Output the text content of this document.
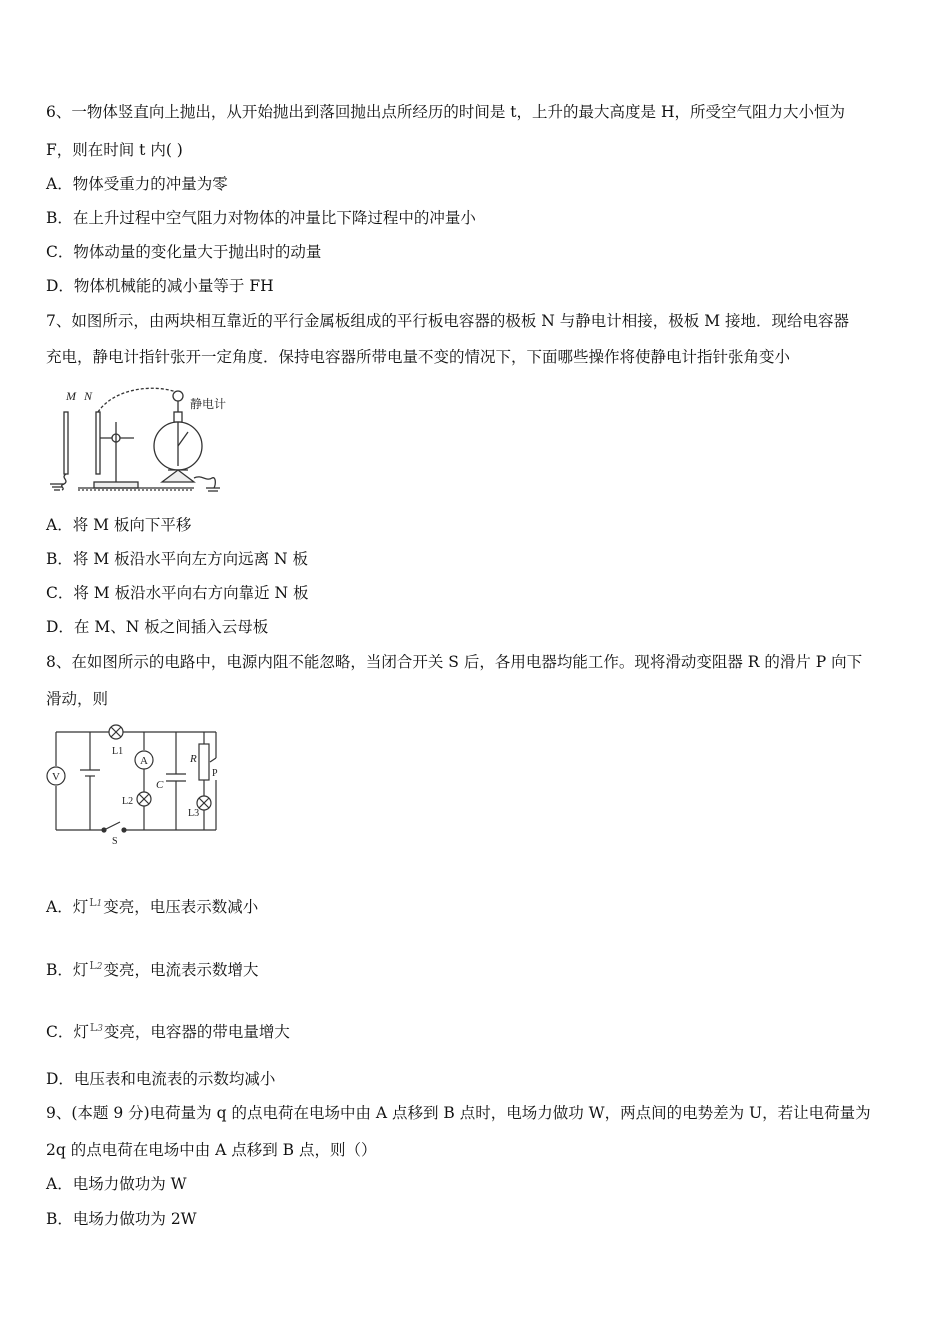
6、一物体竖直向上抛出，从开始抛出到落回抛出点所经历的时间是 t，上升的最大高度是 H，所受空气阻力大小恒为
F，则在时间 t 内( )
A．物体受重力的冲量为零
B．在上升过程中空气阻力对物体的冲量比下降过程中的冲量小
C．物体动量的变化量大于抛出时的动量
D．物体机械能的减小量等于 FH
7、如图所示，由两块相互靠近的平行金属板组成的平行板电容器的极板 N 与静电计相接，极板 M 接地．现给电容器
充电，静电计指针张开一定角度．保持电容器所带电量不变的情况下，下面哪些操作将使静电计指针张角变小
M N
静电计
A．将 M 板向下平移
B．将 M 板沿水平向左方向远离 N 板
C．将 M 板沿水平向右方向靠近 N 板
D．在 M、N 板之间插入云母板
8、在如图所示的电路中，电源内阻不能忽略，当闭合开关 S 后，各用电器均能工作。现将滑动变阻器 R 的滑片 P 向下
滑动，则
V
A
L1
L2
L3
C
R
P
S
A．灯L1变亮，电压表示数减小
B．灯L2变亮，电流表示数增大
C．灯L3变亮，电容器的带电量增大
D．电压表和电流表的示数均减小
9、(本题 9 分)电荷量为 q 的点电荷在电场中由 A 点移到 B 点时，电场力做功 W，两点间的电势差为 U，若让电荷量为
2q 的点电荷在电场中由 A 点移到 B 点，则（）
A．电场力做功为 W
B．电场力做功为 2W
